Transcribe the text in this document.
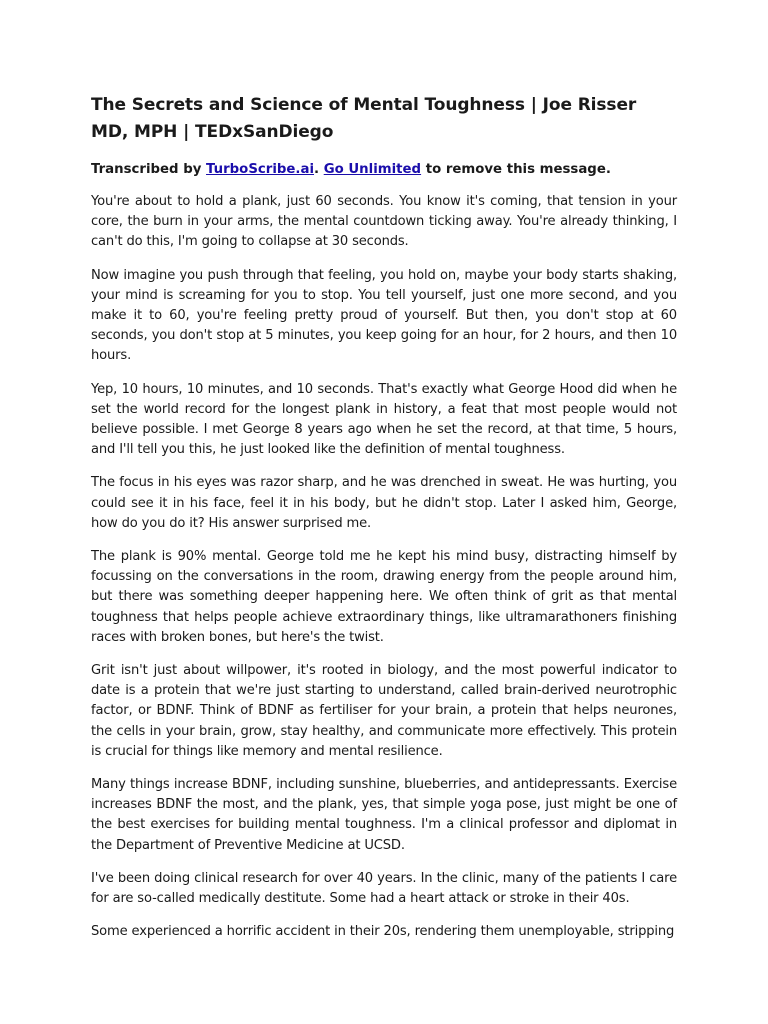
The Secrets and Science of Mental Toughness | Joe Risser MD, MPH | TEDxSanDiego

Transcribed by TurboScribe.ai. Go Unlimited to remove this message.

You're about to hold a plank, just 60 seconds. You know it's coming, that tension in your core, the burn in your arms, the mental countdown ticking away. You're already thinking, I can't do this, I'm going to collapse at 30 seconds.

Now imagine you push through that feeling, you hold on, maybe your body starts shaking, your mind is screaming for you to stop. You tell yourself, just one more second, and you make it to 60, you're feeling pretty proud of yourself. But then, you don't stop at 60 seconds, you don't stop at 5 minutes, you keep going for an hour, for 2 hours, and then 10 hours.

Yep, 10 hours, 10 minutes, and 10 seconds. That's exactly what George Hood did when he set the world record for the longest plank in history, a feat that most people would not believe possible. I met George 8 years ago when he set the record, at that time, 5 hours, and I'll tell you this, he just looked like the definition of mental toughness.

The focus in his eyes was razor sharp, and he was drenched in sweat. He was hurting, you could see it in his face, feel it in his body, but he didn't stop. Later I asked him, George, how do you do it? His answer surprised me.

The plank is 90% mental. George told me he kept his mind busy, distracting himself by focussing on the conversations in the room, drawing energy from the people around him, but there was something deeper happening here. We often think of grit as that mental toughness that helps people achieve extraordinary things, like ultramarathoners finishing races with broken bones, but here's the twist.

Grit isn't just about willpower, it's rooted in biology, and the most powerful indicator to date is a protein that we're just starting to understand, called brain-derived neurotrophic factor, or BDNF. Think of BDNF as fertiliser for your brain, a protein that helps neurones, the cells in your brain, grow, stay healthy, and communicate more effectively. This protein is crucial for things like memory and mental resilience.

Many things increase BDNF, including sunshine, blueberries, and antidepressants. Exercise increases BDNF the most, and the plank, yes, that simple yoga pose, just might be one of the best exercises for building mental toughness. I'm a clinical professor and diplomat in the Department of Preventive Medicine at UCSD.

I've been doing clinical research for over 40 years. In the clinic, many of the patients I care for are so-called medically destitute. Some had a heart attack or stroke in their 40s.

Some experienced a horrific accident in their 20s, rendering them unemployable, stripping
